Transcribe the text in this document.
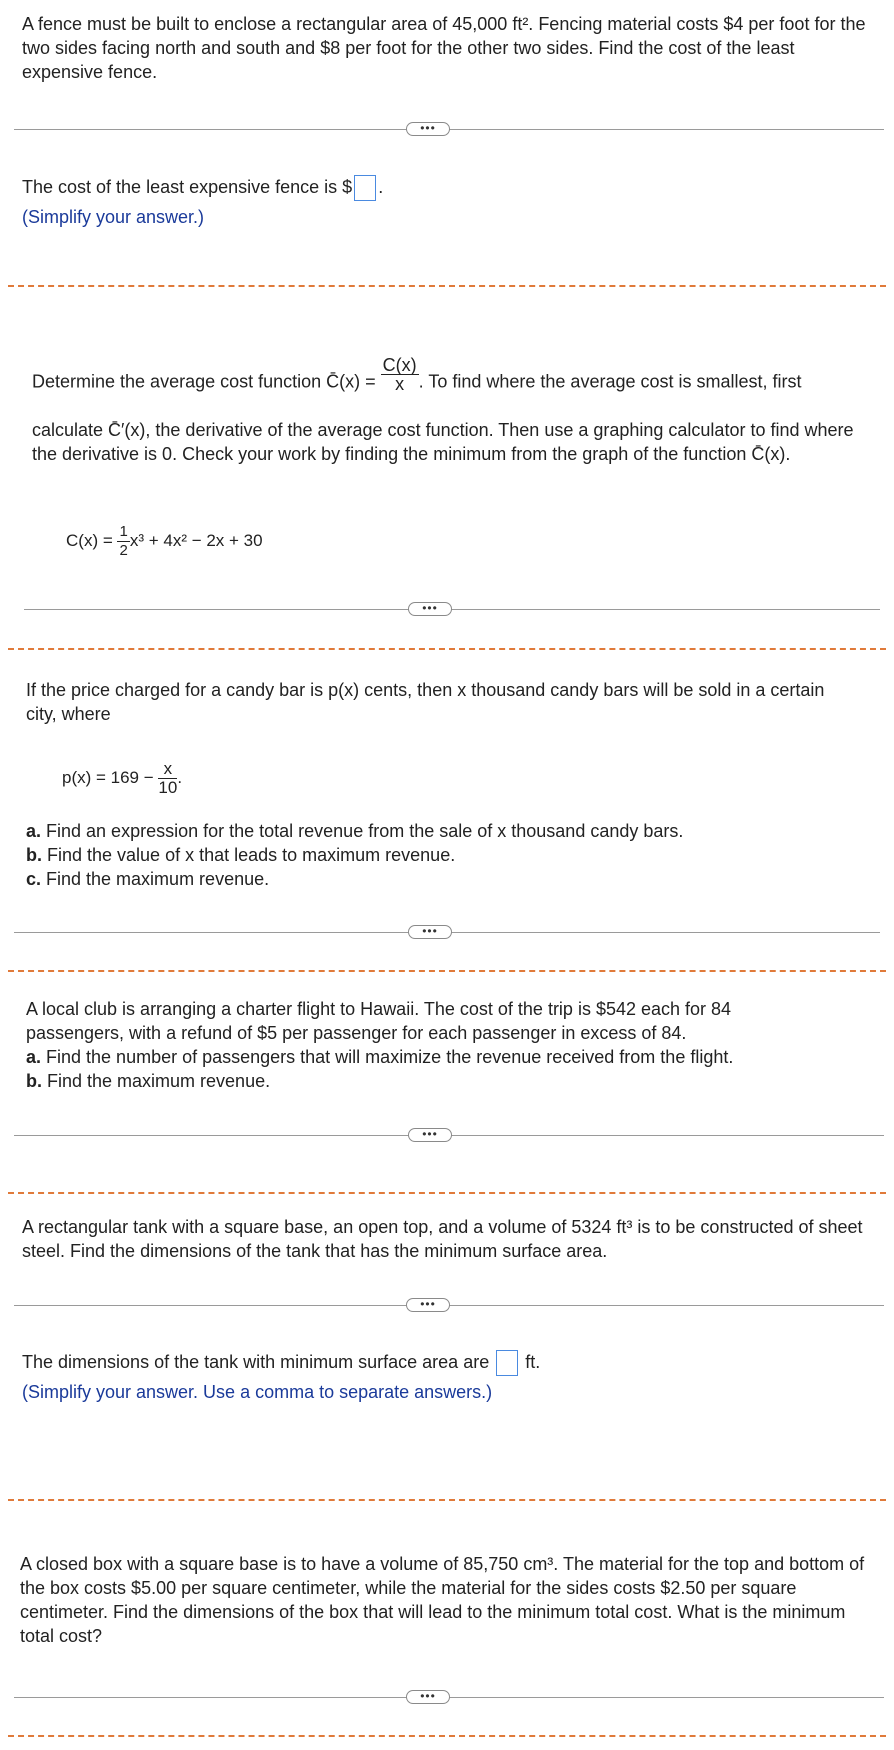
A fence must be built to enclose a rectangular area of 45,000 ft². Fencing material costs $4 per foot for the two sides facing north and south and $8 per foot for the other two sides. Find the cost of the least expensive fence.

•••
The cost of the least expensive fence is $ .
(Simplify your answer.)
Determine the average cost function C̄(x) = $\frac{C(x)}{x}$ . To find where the average cost is smallest, first

calculate C̄′(x), the derivative of the average cost function. Then use a graphing calculator to find where the derivative is 0. Check your work by finding the minimum from the graph of the function C̄(x).

$C(x) = \frac{1}{2} x^3 + 4x^2 - 2x + 30$
•••

If the price charged for a candy bar is p(x) cents, then x thousand candy bars will be sold in a certain city, where

$p(x) = 169 - \frac{x}{10}$ .
a. Find an expression for the total revenue from the sale of x thousand candy bars.
b. Find the value of x that leads to maximum revenue.
c. Find the maximum revenue.
•••

A local club is arranging a charter flight to Hawaii. The cost of the trip is $542 each for 84 passengers, with a refund of $5 per passenger for each passenger in excess of 84.

a. Find the number of passengers that will maximize the revenue received from the flight.
b. Find the maximum revenue.
•••

A rectangular tank with a square base, an open top, and a volume of 5324 ft³ is to be constructed of sheet steel. Find the dimensions of the tank that has the minimum surface area.

•••
The dimensions of the tank with minimum surface area are ft.
(Simplify your answer. Use a comma to separate answers.)

A closed box with a square base is to have a volume of 85,750 cm³. The material for the top and bottom of the box costs $5.00 per square centimeter, while the material for the sides costs $2.50 per square centimeter. Find the dimensions of the box that will lead to the minimum total cost. What is the minimum total cost?

•••
